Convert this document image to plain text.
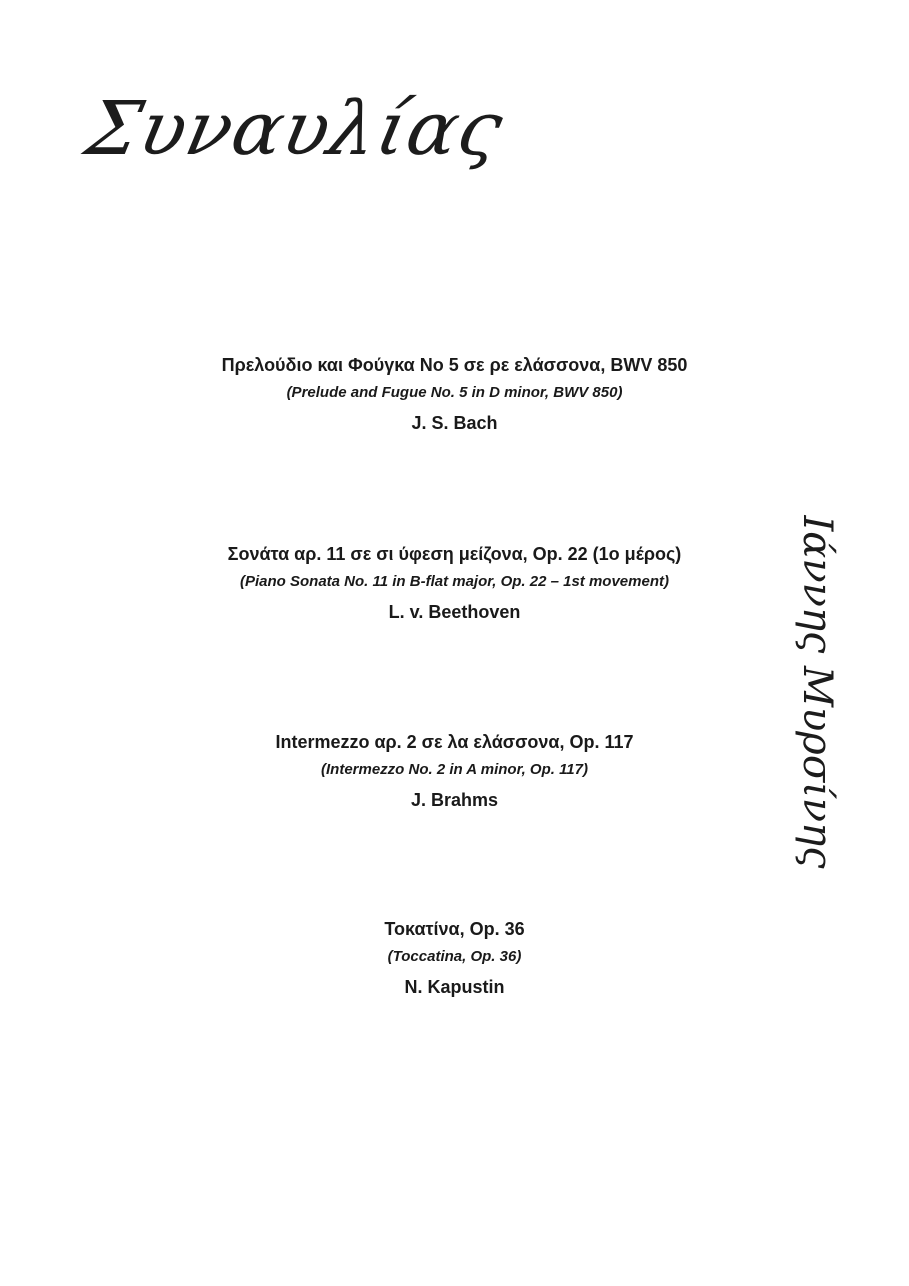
Συναυλίας
Ιάννης Μυρσίνης
Πρελούδιο και Φούγκα Νο 5 σε ρε ελάσσονα, BWV 850
(Prelude and Fugue No. 5 in D minor, BWV 850)
J. S. Bach
Σονάτα αρ. 11 σε σι ύφεση μείζονα, Op. 22 (1ο μέρος)
(Piano Sonata No. 11 in B-flat major, Op. 22 – 1st movement)
L. v. Beethoven
Intermezzo αρ. 2 σε λα ελάσσονα, Op. 117
(Intermezzo No. 2 in A minor, Op. 117)
J. Brahms
Τοκατίνα, Op. 36
(Toccatina, Op. 36)
N. Kapustin
